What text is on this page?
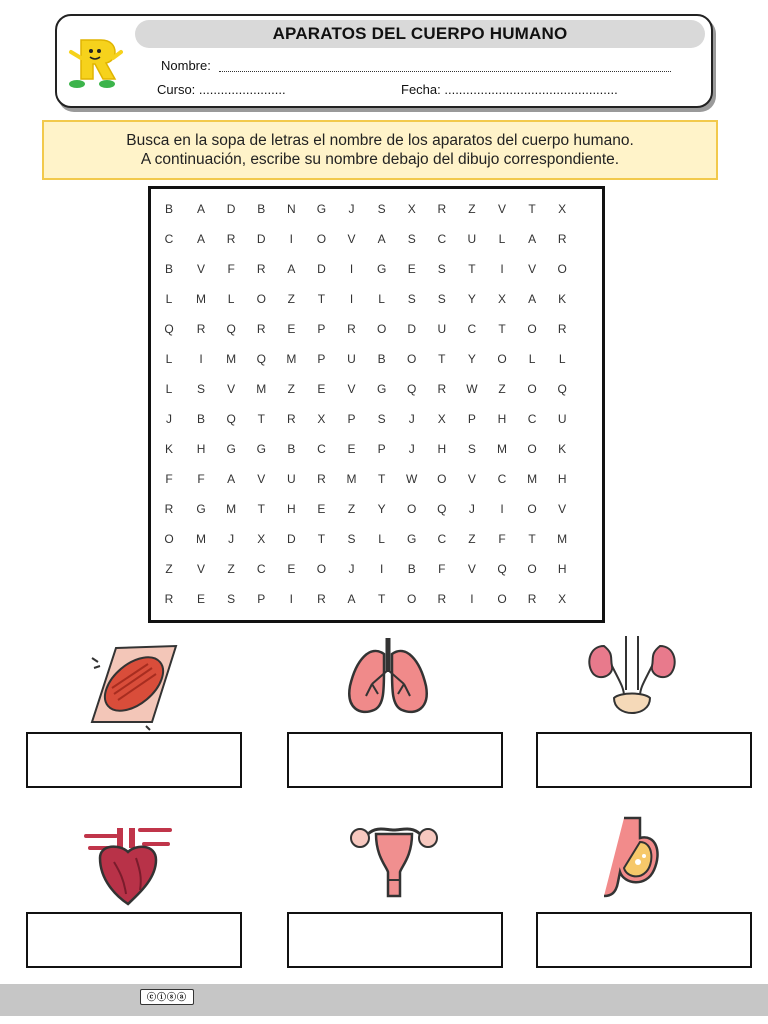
APARATOS DEL CUERPO HUMANO
Nombre:
Curso: ........................	Fecha: ................................................

Busca en la sopa de letras el nombre de los aparatos del cuerpo humano.

A continuación, escribe su nombre debajo del dibujo correspondiente.

B	A	D	B	N	G	J	S	X	R	Z	V	T	X
C	A	R	D	I	O	V	A	S	C	U	L	A	R
B	V	F	R	A	D	I	G	E	S	T	I	V	O
L	M	L	O	Z	T	I	L	S	S	Y	X	A	K
Q	R	Q	R	E	P	R	O	D	U	C	T	O	R
L	I	M	Q	M	P	U	B	O	T	Y	O	L	L
L	S	V	M	Z	E	V	G	Q	R	W	Z	O	Q
J	B	Q	T	R	X	P	S	J	X	P	H	C	U
K	H	G	G	B	C	E	P	J	H	S	M	O	K
F	F	A	V	U	R	M	T	W	O	V	C	M	H
R	G	M	T	H	E	Z	Y	O	Q	J	I	O	V
O	M	J	X	D	T	S	L	G	C	Z	F	T	M
Z	V	Z	C	E	O	J	I	B	F	V	Q	O	H
R	E	S	P	I	R	A	T	O	R	I	O	R	X
ⓒⓘⓢⓐ
